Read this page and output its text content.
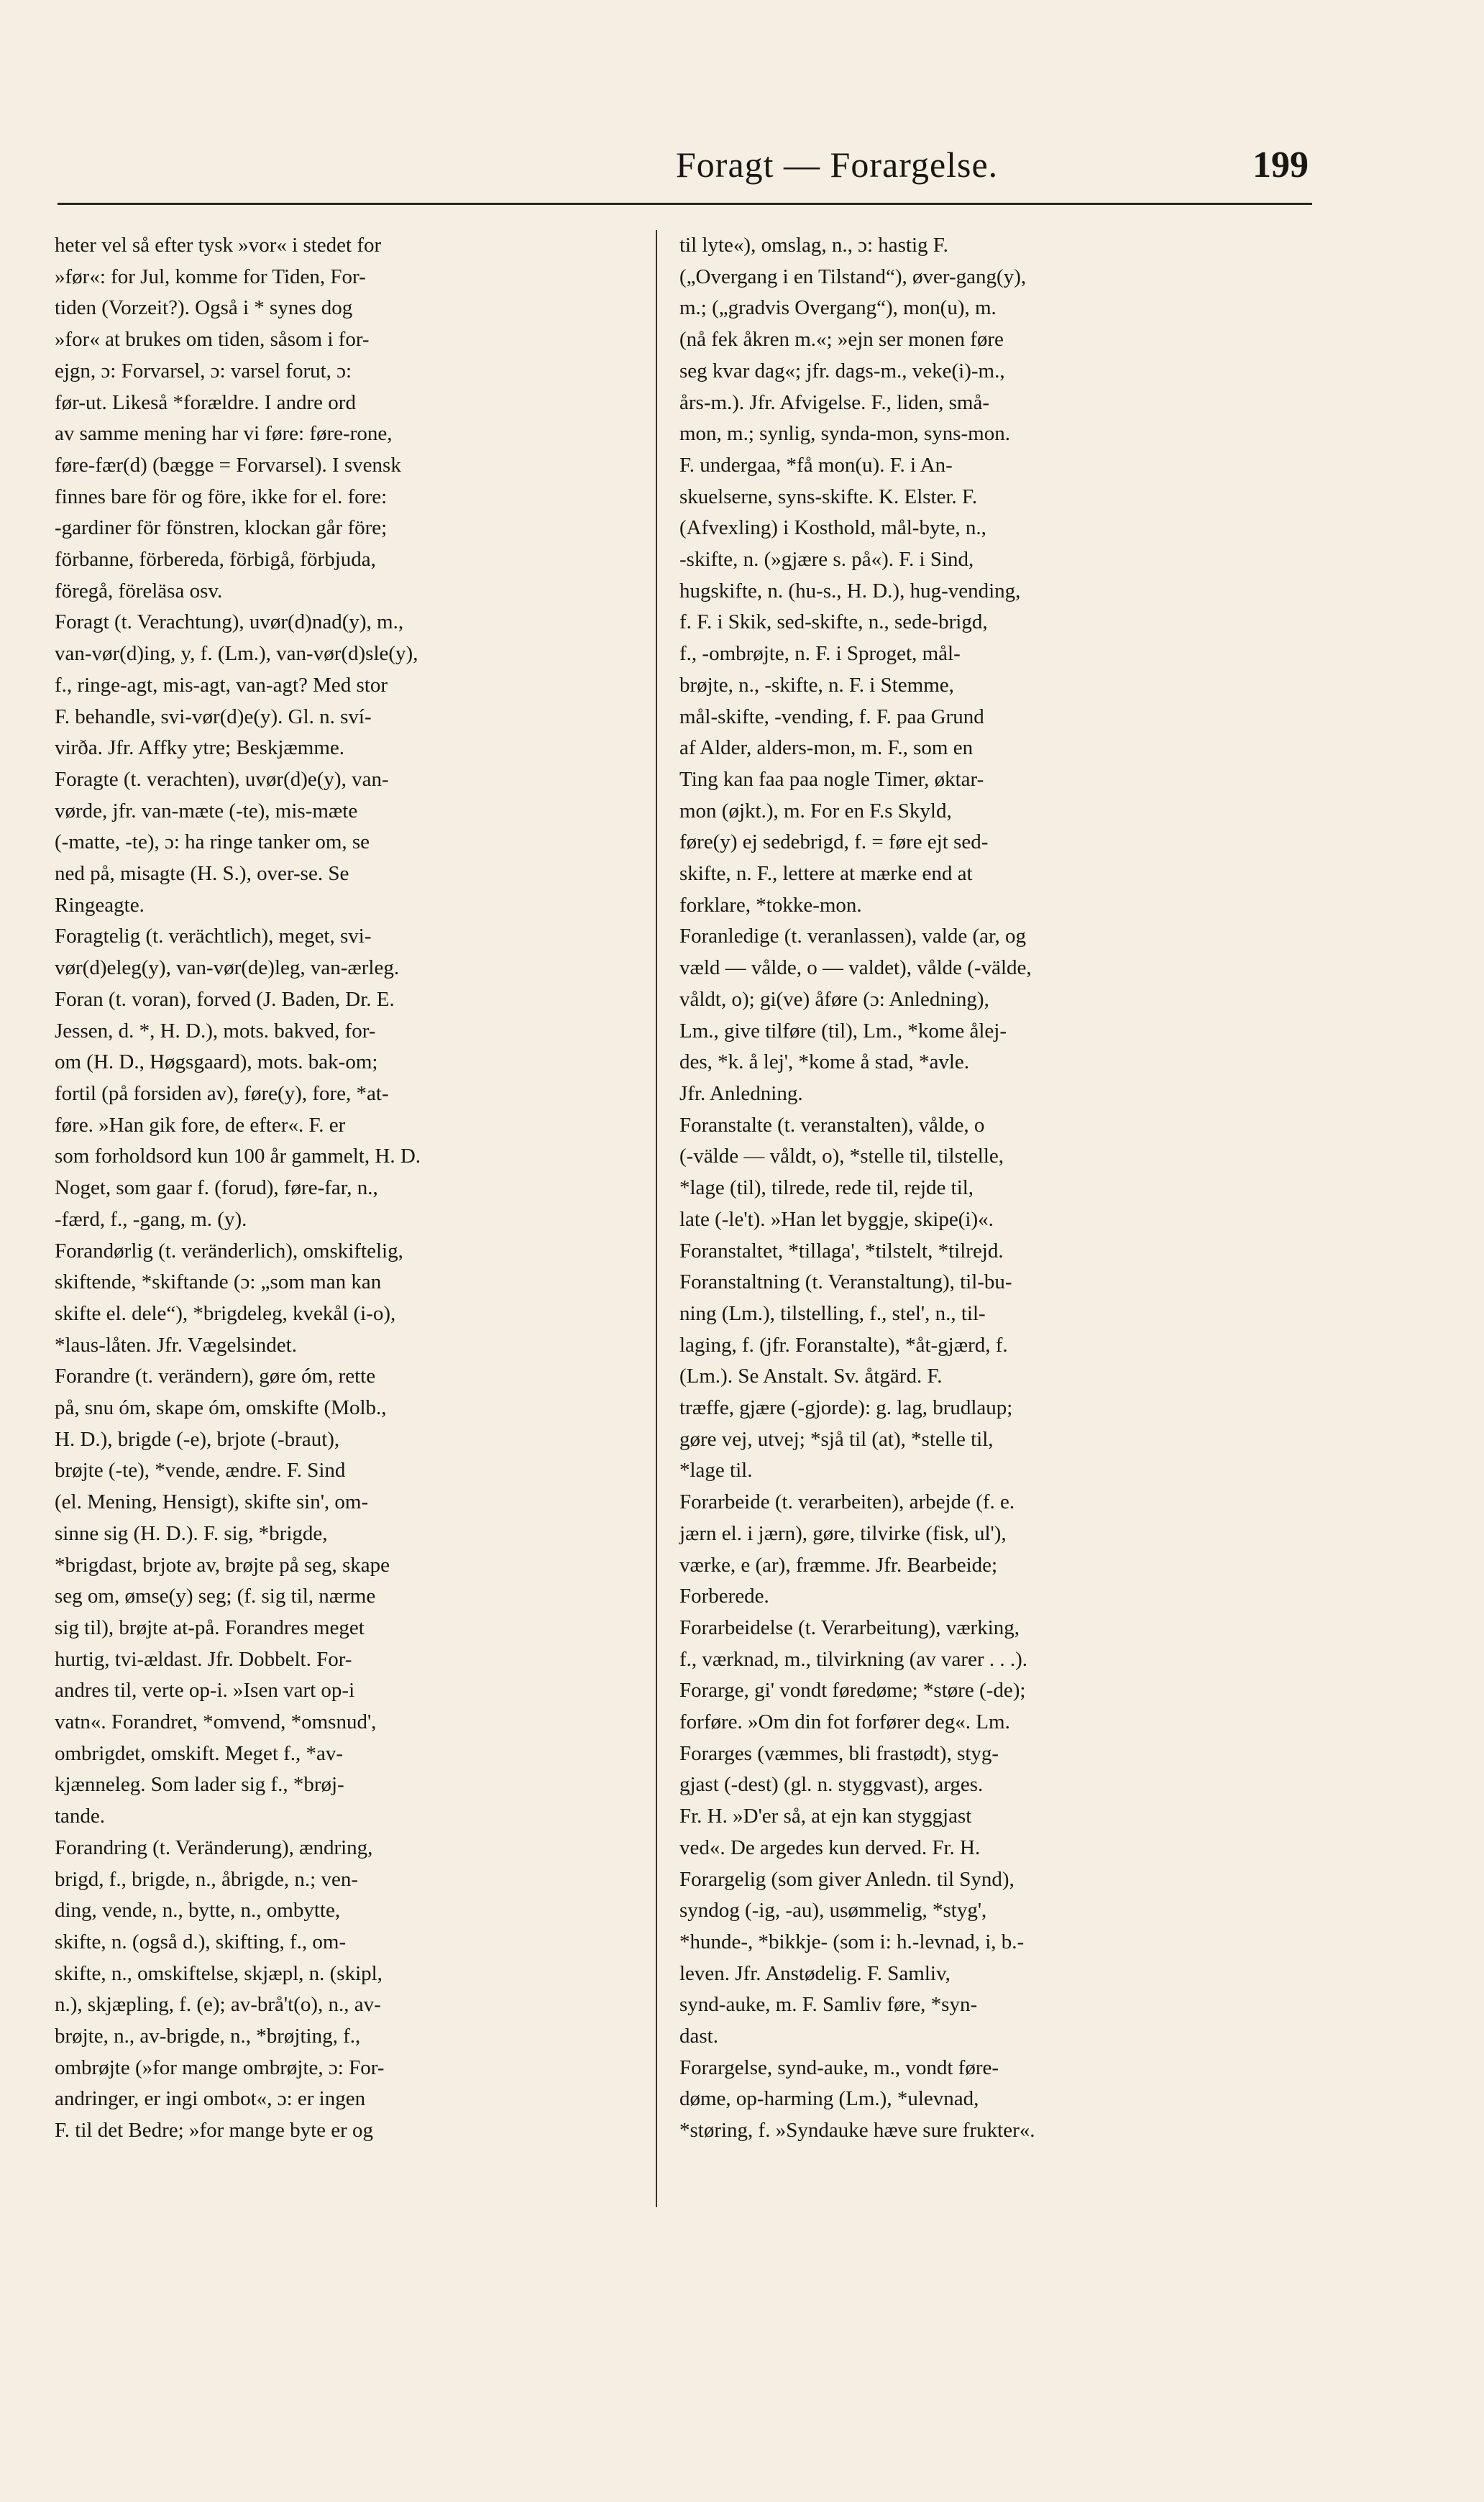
Foragt — Forargelse.	199
heter vel så efter tysk »vor« i stedet for
»før«: for Jul, komme for Tiden, For-
tiden (Vorzeit?). Også i * synes dog
»for« at brukes om tiden, såsom i for-
ejgn, ɔ: Forvarsel, ɔ: varsel forut, ɔ:
før-ut. Likeså *forældre. I andre ord
av samme mening har vi føre: føre-rone,
føre-fær(d) (bægge = Forvarsel). I svensk
finnes bare för og före, ikke for el. fore:
-gardiner för fönstren, klockan går före;
förbanne, förbereda, förbigå, förbjuda,
föregå, föreläsa osv.
Foragt (t. Verachtung), uvør(d)nad(y), m.,
van-vør(d)ing, y, f. (Lm.), van-vør(d)sle(y),
f., ringe-agt, mis-agt, van-agt? Med stor
F. behandle, svi-vør(d)e(y). Gl. n. sví-
virða. Jfr. Affky ytre; Beskjæmme.
Foragte (t. verachten), uvør(d)e(y), van-
vørde, jfr. van-mæte (-te), mis-mæte
(-matte, -te), ɔ: ha ringe tanker om, se
ned på, misagte (H. S.), over-se. Se
Ringeagte.
Foragtelig (t. verächtlich), meget, svi-
vør(d)eleg(y), van-vør(de)leg, van-ærleg.
Foran (t. voran), forved (J. Baden, Dr. E.
Jessen, d. *, H. D.), mots. bakved, for-
om (H. D., Høgsgaard), mots. bak-om;
fortil (på forsiden av), føre(y), fore, *at-
føre. »Han gik fore, de efter«. F. er
som forholdsord kun 100 år gammelt, H. D.
Noget, som gaar f. (forud), føre-far, n.,
-færd, f., -gang, m. (y).
Forandørlig (t. veränderlich), omskiftelig,
skiftende, *skiftande (ɔ: „som man kan
skifte el. dele“), *brigdeleg, kvekål (i-o),
*laus-låten. Jfr. Vægelsindet.
Forandre (t. verändern), gøre óm, rette
på, snu óm, skape óm, omskifte (Molb.,
H. D.), brigde (-e), brjote (-braut),
brøjte (-te), *vende, ændre. F. Sind
(el. Mening, Hensigt), skifte sin', om-
sinne sig (H. D.). F. sig, *brigde,
*brigdast, brjote av, brøjte på seg, skape
seg om, ømse(y) seg; (f. sig til, nærme
sig til), brøjte at-på. Forandres meget
hurtig, tvi-ældast. Jfr. Dobbelt. For-
andres til, verte op-i. »Isen vart op-i
vatn«. Forandret, *omvend, *omsnud',
ombrigdet, omskift. Meget f., *av-
kjænneleg. Som lader sig f., *brøj-
tande.
Forandring (t. Veränderung), ændring,
brigd, f., brigde, n., åbrigde, n.; ven-
ding, vende, n., bytte, n., ombytte,
skifte, n. (også d.), skifting, f., om-
skifte, n., omskiftelse, skjæpl, n. (skipl,
n.), skjæpling, f. (e); av-brå't(o), n., av-
brøjte, n., av-brigde, n., *brøjting, f.,
ombrøjte (»for mange ombrøjte, ɔ: For-
andringer, er ingi ombot«, ɔ: er ingen
F. til det Bedre; »for mange byte er og
til lyte«), omslag, n., ɔ: hastig F.
(„Overgang i en Tilstand“), øver-gang(y),
m.; („gradvis Overgang“), mon(u), m.
(nå fek åkren m.«; »ejn ser monen føre
seg kvar dag«; jfr. dags-m., veke(i)-m.,
års-m.). Jfr. Afvigelse. F., liden, små-
mon, m.; synlig, synda-mon, syns-mon.
F. undergaa, *få mon(u). F. i An-
skuelserne, syns-skifte. K. Elster. F.
(Afvexling) i Kosthold, mål-byte, n.,
-skifte, n. (»gjære s. på«). F. i Sind,
hugskifte, n. (hu-s., H. D.), hug-vending,
f. F. i Skik, sed-skifte, n., sede-brigd,
f., -ombrøjte, n. F. i Sproget, mål-
brøjte, n., -skifte, n. F. i Stemme,
mål-skifte, -vending, f. F. paa Grund
af Alder, alders-mon, m. F., som en
Ting kan faa paa nogle Timer, øktar-
mon (øjkt.), m. For en F.s Skyld,
føre(y) ej sedebrigd, f. = føre ejt sed-
skifte, n. F., lettere at mærke end at
forklare, *tokke-mon.
Foranledige (t. veranlassen), valde (ar, og
væld — vålde, o — valdet), vålde (-välde,
våldt, o); gi(ve) åføre (ɔ: Anledning),
Lm., give tilføre (til), Lm., *kome ålej-
des, *k. å lej', *kome å stad, *avle.
Jfr. Anledning.
Foranstalte (t. veranstalten), vålde, o
(-välde — våldt, o), *stelle til, tilstelle,
*lage (til), tilrede, rede til, rejde til,
late (-le't). »Han let byggje, skipe(i)«.
Foranstaltet, *tillaga', *tilstelt, *tilrejd.
Foranstaltning (t. Veranstaltung), til-bu-
ning (Lm.), tilstelling, f., stel', n., til-
laging, f. (jfr. Foranstalte), *åt-gjærd, f.
(Lm.). Se Anstalt. Sv. åtgärd. F.
træffe, gjære (-gjorde): g. lag, brudlaup;
gøre vej, utvej; *sjå til (at), *stelle til,
*lage til.
Forarbeide (t. verarbeiten), arbejde (f. e.
jærn el. i jærn), gøre, tilvirke (fisk, ul'),
værke, e (ar), fræmme. Jfr. Bearbeide;
Forberede.
Forarbeidelse (t. Verarbeitung), værking,
f., værknad, m., tilvirkning (av varer . . .).
Forarge, gi' vondt føredøme; *støre (-de);
forføre. »Om din fot forfører deg«. Lm.
Forarges (væmmes, bli frastødt), styg-
gjast (-dest) (gl. n. styggvast), arges.
Fr. H. »D'er så, at ejn kan styggjast
ved«. De argedes kun derved. Fr. H.
Forargelig (som giver Anledn. til Synd),
syndog (-ig, -au), usømmelig, *styg',
*hunde-, *bikkje- (som i: h.-levnad, i, b.-
leven. Jfr. Anstødelig. F. Samliv,
synd-auke, m. F. Samliv føre, *syn-
dast.
Forargelse, synd-auke, m., vondt føre-
døme, op-harming (Lm.), *ulevnad,
*støring, f. »Syndauke hæve sure frukter«.
